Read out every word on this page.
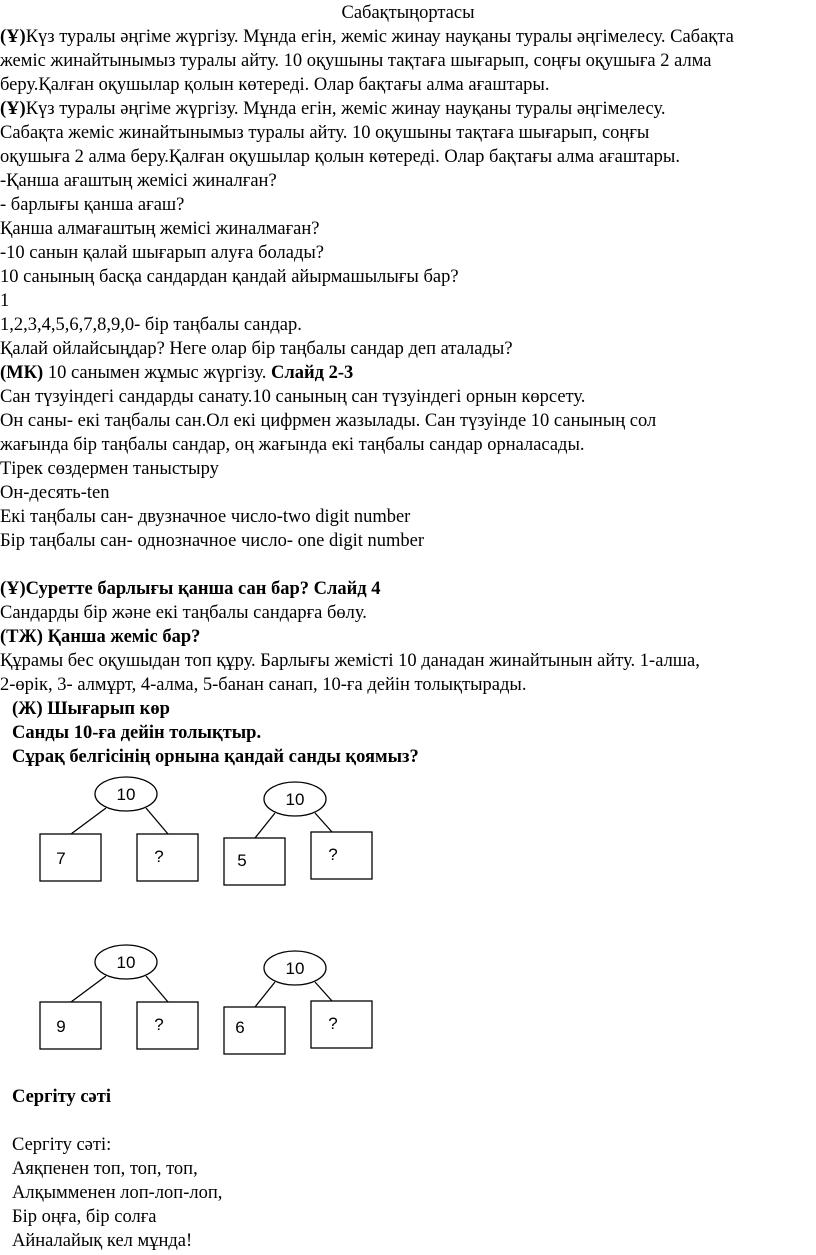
Сабақтыңортасы
(Ұ)Күз туралы әңгіме жүргізу. Мұнда егін, жеміс жинау науқаны туралы әңгімелесу. Сабақта
жеміс жинайтынымыз туралы айту. 10 оқушыны тақтаға шығарып, соңғы оқушыға 2 алма
беру.Қалған оқушылар қолын көтереді. Олар бақтағы алма ағаштары.
(Ұ)Күз туралы әңгіме жүргізу. Мұнда егін, жеміс жинау науқаны туралы әңгімелесу.
Сабақта жеміс жинайтынымыз туралы айту. 10 оқушыны тақтаға шығарып, соңғы
оқушыға 2 алма беру.Қалған оқушылар қолын көтереді. Олар бақтағы алма ағаштары.
-Қанша ағаштың жемісі жиналған?
- барлығы қанша ағаш?
Қанша алмағаштың жемісі жиналмаған?
-10 санын қалай шығарып алуға болады?
10 санының басқа сандардан қандай айырмашылығы бар?
1
1,2,3,4,5,6,7,8,9,0- бір таңбалы сандар.
Қалай ойлайсыңдар? Неге олар бір таңбалы сандар деп аталады?
(МК) 10 санымен жұмыс жүргізу. Слайд 2-3
Сан түзуіндегі сандарды санату.10 санының сан түзуіндегі орнын көрсету.
Он саны- екі таңбалы сан.Ол екі цифрмен жазылады. Сан түзуінде 10 санының сол
жағында бір таңбалы сандар, оң жағында екі таңбалы сандар орналасады.
Тірек сөздермен таныстыру
Он-десять-ten
Екі таңбалы сан- двузначное число-two digit number
Бір таңбалы сан- однозначное число- one digit number
(Ұ)Суретте барлығы қанша сан бар? Слайд 4
Сандарды бір және екі таңбалы сандарға бөлу.
(ТЖ) Қанша жеміс бар?
Құрамы бес оқушыдан топ құру. Барлығы жемісті 10 данадан жинайтынын айту. 1-алша,
2-өрік, 3- алмұрт, 4-алма, 5-банан санап, 10-ға дейін толықтырады.
(Ж) Шығарып көр
Санды 10-ға дейін толықтыр.
Сұрақ белгісінің орнына қандай санды қоямыз?
10
7	?
10
5	?
10
9	?
10
6	?
Сергіту сәті
Сергіту сәті:
Аяқпенен топ, топ, топ,
Алқымменен лоп-лоп-лоп,
Бір оңға, бір солға
Айналайық кел мұнда!
